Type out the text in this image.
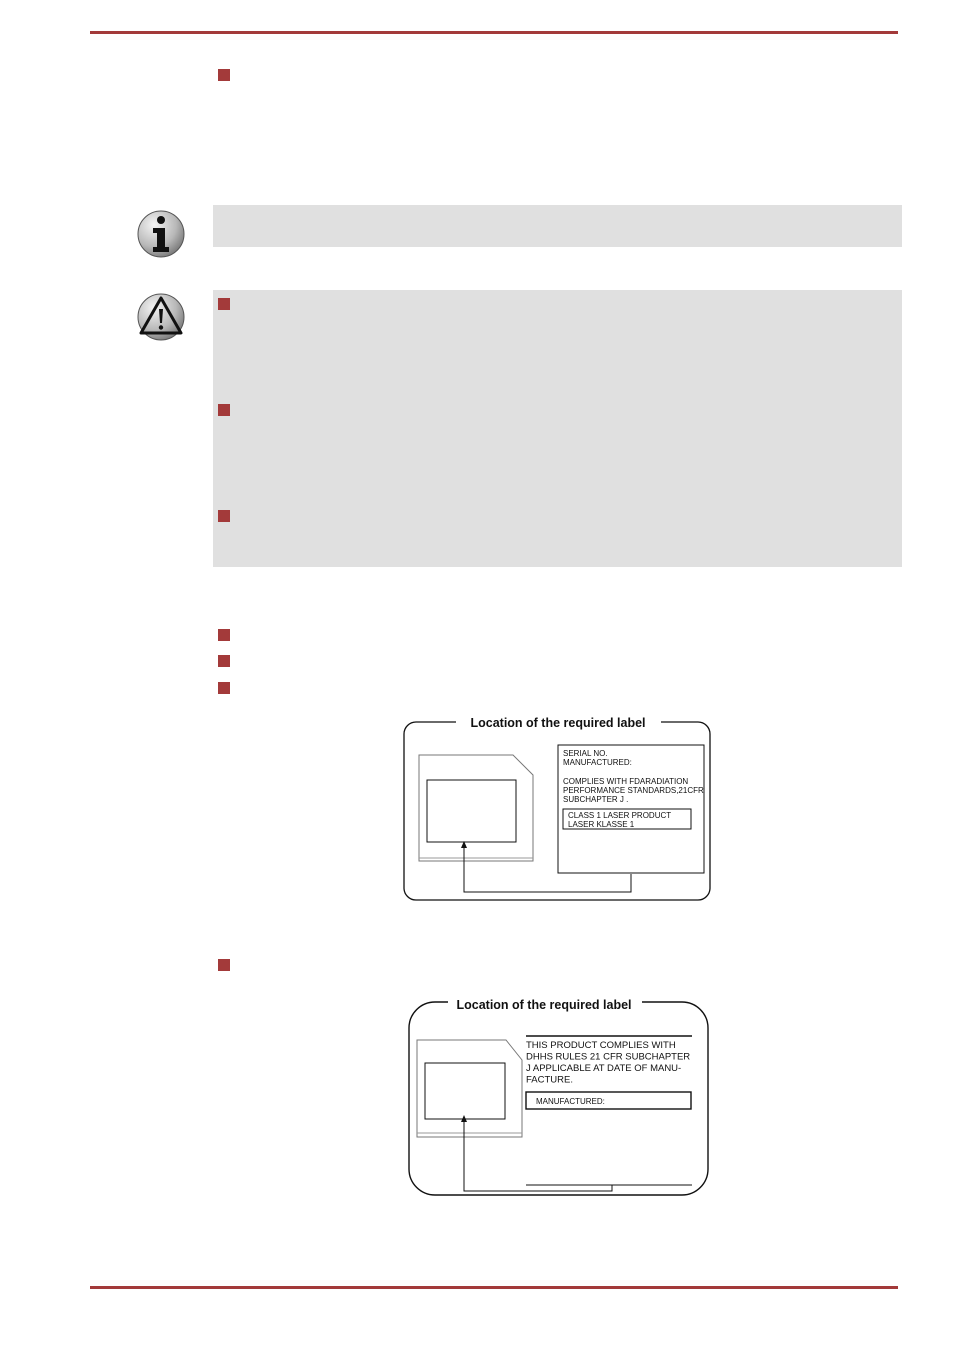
Location of the required label
SERIAL NO.
MANUFACTURED:
COMPLIES WITH FDARADIATION
PERFORMANCE STANDARDS,21CFR
SUBCHAPTER J .
CLASS 1 LASER PRODUCT
LASER KLASSE 1
Location of the required label
THIS PRODUCT COMPLIES WITH
DHHS RULES 21 CFR SUBCHAPTER
J APPLICABLE AT DATE OF MANU-
FACTURE.
MANUFACTURED:
